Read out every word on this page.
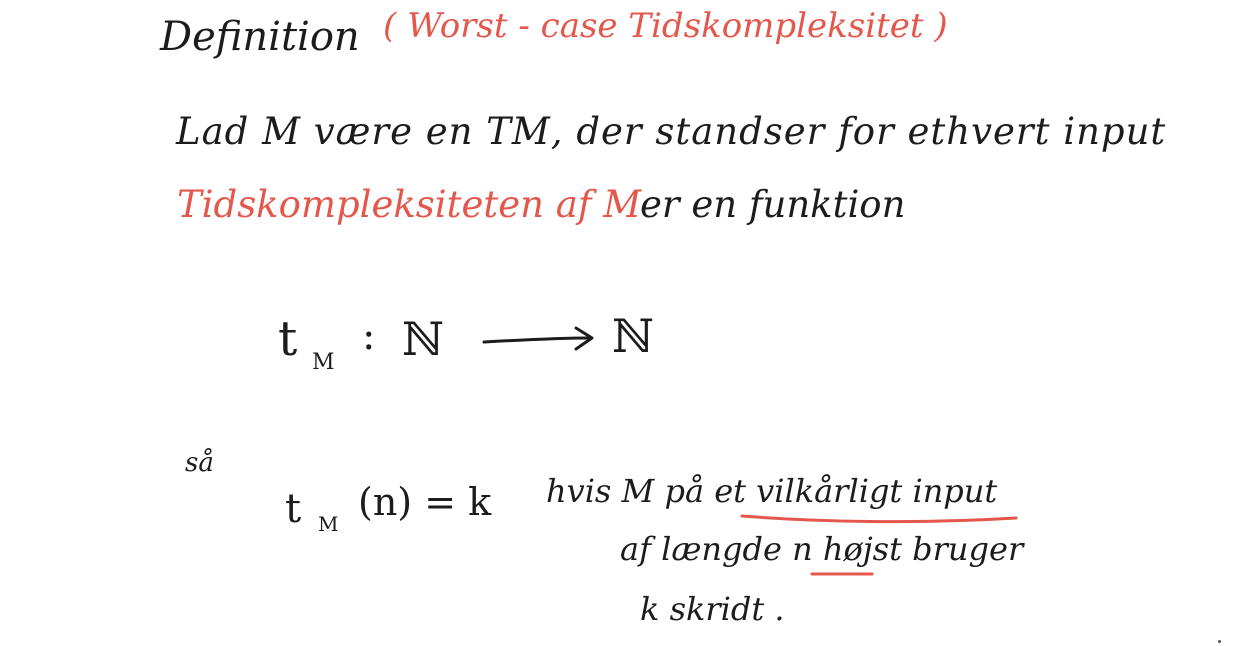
Definition ( Worst - case Tidskompleksitet )
Lad M være en TM, der standser for ethvert input
Tidskompleksiteten af M
er en funktion
t M
: ℕ	ℕ
så
t M (n) = k hvis M på et vilkårligt input
af længde n højst bruger
k skridt .
